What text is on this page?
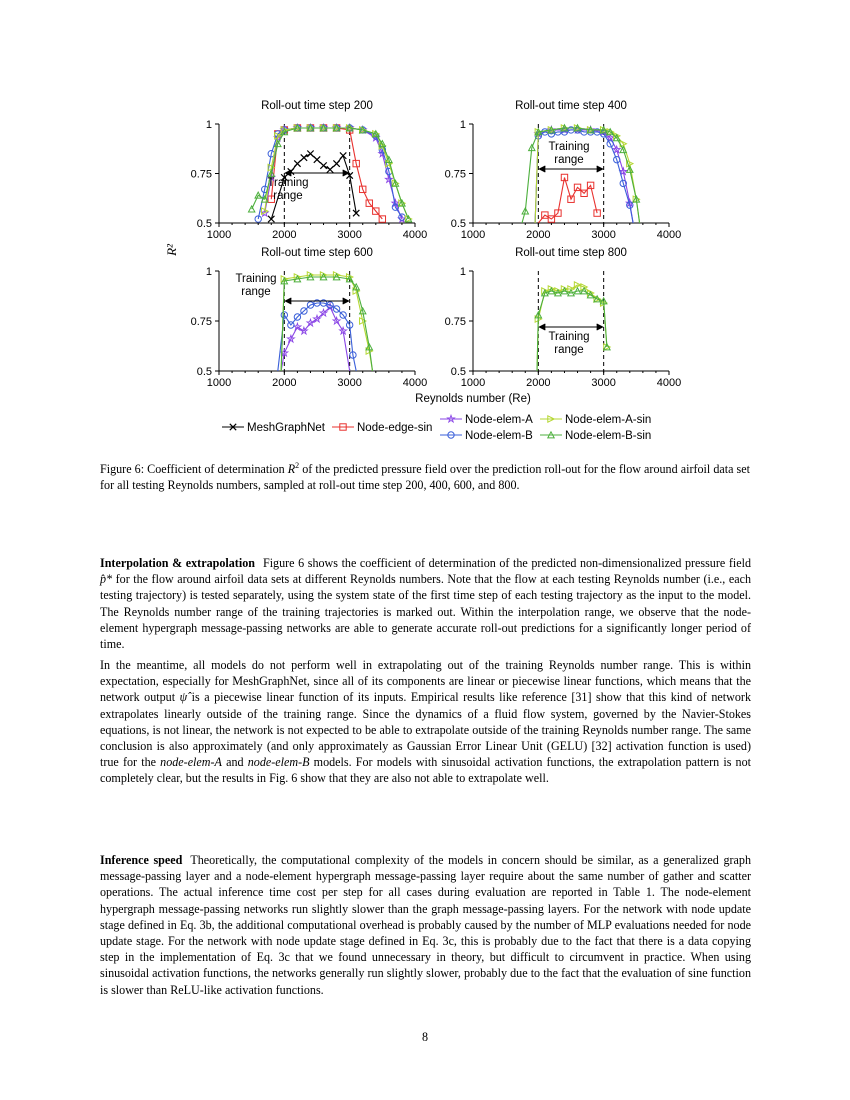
Roll-out time step 200
1000	2000	3000	4000
0.5
0.75
1
Training
range
Roll-out time step 400
1000	2000	3000	4000
0.5
0.75
1
Training
range
Roll-out time step 600
1000	2000	3000	4000
0.5
0.75
1
Training
range
Roll-out time step 800
1000	2000	3000	4000
0.5
0.75
1
Training
range
R²
Reynolds number (Re)
MeshGraphNet	Node-edge-sin
Node-elem-A
Node-elem-B
Node-elem-A-sin
Node-elem-B-sin
Figure 6: Coefficient of determination $R^2$ of the predicted pressure field over the prediction roll-out for the flow around airfoil data set for all testing Reynolds numbers, sampled at roll-out time step 200, 400, 600, and 800.

Interpolation & extrapolation Figure 6 shows the coefficient of determination of the predicted non-dimensionalized pressure field p̂* for the flow around airfoil data sets at different Reynolds numbers. Note that the flow at each testing Reynolds number (i.e., each testing trajectory) is tested separately, using the system state of the first time step of each testing trajectory as the input to the model. The Reynolds number range of the training trajectories is marked out. Within the interpolation range, we observe that the node-element hypergraph message-passing networks are able to generate accurate roll-out predictions for a significantly longer period of time.

In the meantime, all models do not perform well in extrapolating out of the training Reynolds number range. This is within expectation, especially for MeshGraphNet, since all of its components are linear or piecewise linear functions, which means that the network output ψ̂ is a piecewise linear function of its inputs. Empirical results like reference [31] show that this kind of network extrapolates linearly outside of the training range. Since the dynamics of a fluid flow system, governed by the Navier-Stokes equations, is not linear, the network is not expected to be able to extrapolate outside of the training Reynolds number range. The same conclusion is also approximately (and only approximately as Gaussian Error Linear Unit (GELU) [32] activation function is used) true for the node-elem-A and node-elem-B models. For models with sinusoidal activation functions, the extrapolation pattern is not completely clear, but the results in Fig. 6 show that they are also not able to extrapolate well.

Inference speed Theoretically, the computational complexity of the models in concern should be similar, as a generalized graph message-passing layer and a node-element hypergraph message-passing layer require about the same number of gather and scatter operations. The actual inference time cost per step for all cases during evaluation are reported in Table 1. The node-element hypergraph message-passing networks run slightly slower than the graph message-passing layers. For the network with node update stage defined in Eq. 3b, the additional computational overhead is probably caused by the number of MLP evaluations needed for node update stage. For the network with node update stage defined in Eq. 3c, this is probably due to the fact that there is a data copying step in the implementation of Eq. 3c that we found unnecessary in theory, but difficult to circumvent in practice. When using sinusoidal activation functions, the networks generally run slightly slower, probably due to the fact that the evaluation of sine function is slower than ReLU-like activation functions.

8
